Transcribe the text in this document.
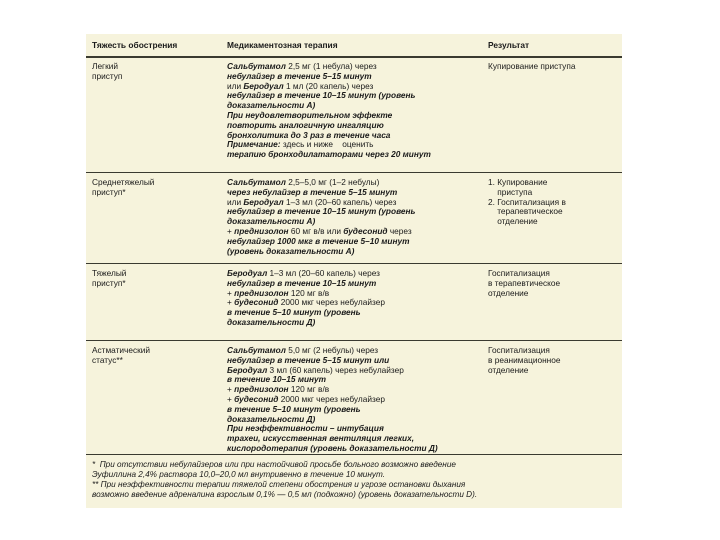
Тяжесть обострения	Медикаментозная терапия	Результат
Легкий
приступ
Сальбутамол 2,5 мг (1 небула) через
небулайзер в течение 5–15 минут
или Беродуал 1 мл (20 капель) через
небулайзер в течение 10–15 минут (уровень
доказательности А)
При неудовлетворительном эффекте
повторить аналогичную ингаляцию
бронхолитика до 3 раз в течение часа
Примечание: здесь и ниже    оценить
терапию бронходилататорами через 20 минут
Купирование приступа
Среднетяжелый
приступ*
Сальбутамол 2,5–5,0 мг (1–2 небулы)
через небулайзер в течение 5–15 минут
или Беродуал 1–3 мл (20–60 капель) через
небулайзер в течение 10–15 минут (уровень
доказательности А)
+ преднизолон 60 мг в/в или будесонид через
небулайзер 1000 мкг в течение 5–10 минут
(уровень доказательности А)
1. Купирование
приступа
2. Госпитализация в
терапевтическое
отделение
Тяжелый
приступ*
Беродуал 1–3 мл (20–60 капель) через
небулайзер в течение 10–15 минут
+ преднизолон 120 мг в/в
+ будесонид 2000 мкг через небулайзер
в течение 5–10 минут (уровень
доказательности Д)
Госпитализация
в терапевтическое
отделение
Астматический
статус**
Сальбутамол 5,0 мг (2 небулы) через
небулайзер в течение 5–15 минут или
Беродуал 3 мл (60 капель) через небулайзер
в течение 10–15 минут
+ преднизолон 120 мг в/в
+ будесонид 2000 мкг через небулайзер
в течение 5–10 минут (уровень
доказательности Д)
При неэффективности – интубация
трахеи, искусственная вентиляция легких,
кислородотерапия (уровень доказательности Д)
Госпитализация
в реанимационное
отделение
*  При отсутствии небулайзеров или при настойчивой просьбе больного возможно введение
Эуфиллина 2,4% раствора 10,0–20,0 мл внутривенно в течение 10 минут.
** При неэффективности терапии тяжелой степени обострения и угрозе остановки дыхания
возможно введение адреналина взрослым 0,1% — 0,5 мл (подкожно) (уровень доказательности D).
